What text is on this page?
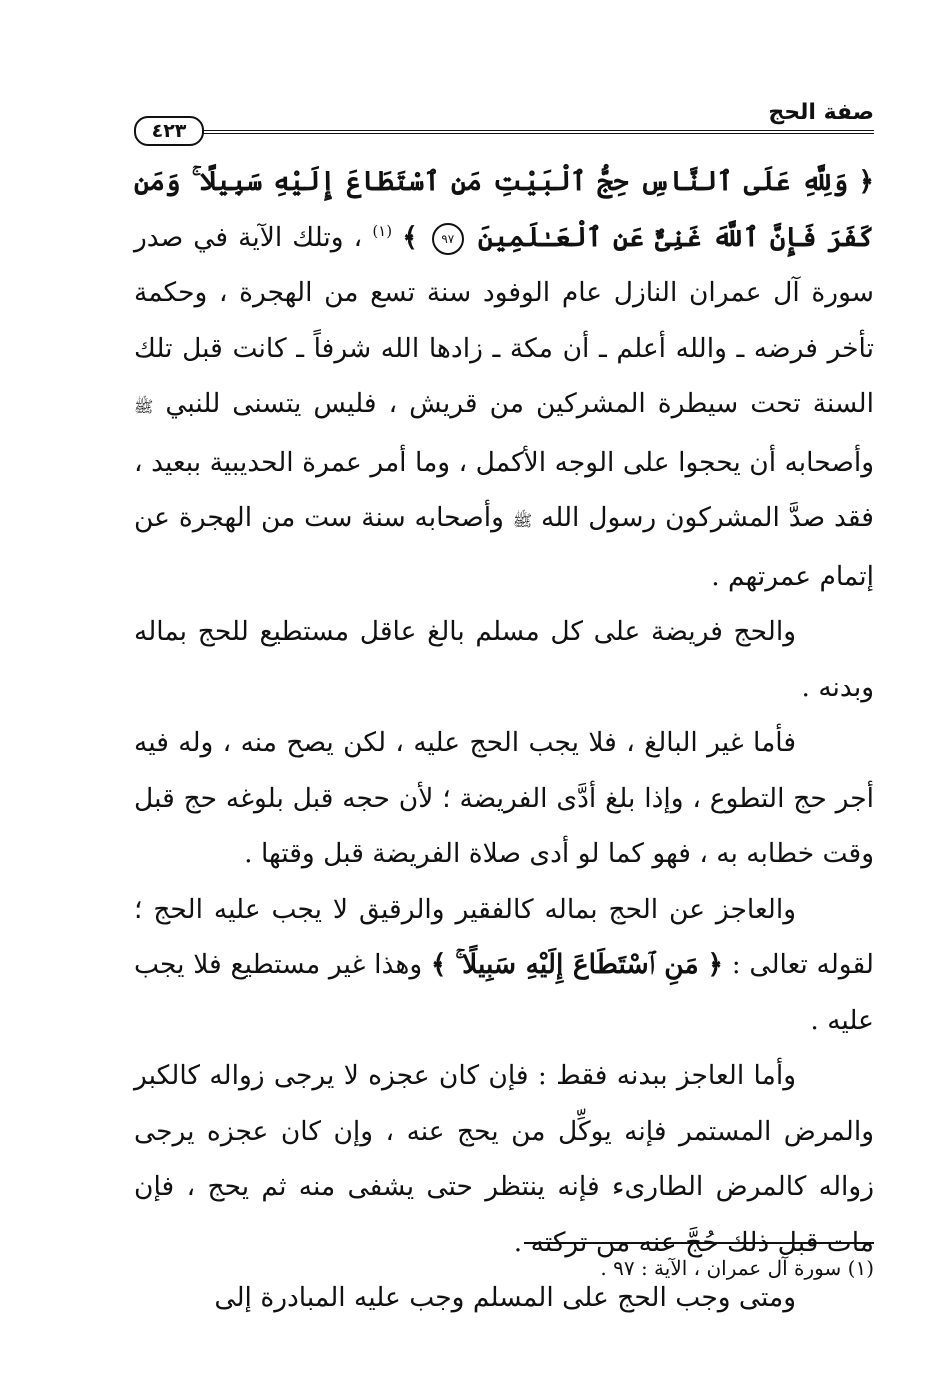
صفة الحج
٤٢٣

﴿ وَلِلَّهِ عَلَى ٱلنَّاسِ حِجُّ ٱلْبَيْتِ مَنِ ٱسْتَطَاعَ إِلَيْهِ سَبِيلًا ۚ وَمَن كَفَرَ فَإِنَّ ٱللَّهَ غَنِىٌّ عَنِ ٱلْعَـٰلَمِينَ ٩٧ ﴾ $^{(١)}$ ، وتلك الآية في صدر سورة آل عمران النازل عام الوفود سنة تسع من الهجرة ، وحكمة تأخر فرضه ـ والله أعلم ـ أن مكة ـ زادها الله شرفاً ـ كانت قبل تلك السنة تحت سيطرة المشركين من قريش ، فليس يتسنى للنبي ﷺ وأصحابه أن يحجوا على الوجه الأكمل ، وما أمر عمرة الحديبية ببعيد ، فقد صدَّ المشركون رسول الله ﷺ وأصحابه سنة ست من الهجرة عن إتمام عمرتهم .

والحج فريضة على كل مسلم بالغ عاقل مستطيع للحج بماله وبدنه .

فأما غير البالغ ، فلا يجب الحج عليه ، لكن يصح منه ، وله فيه أجر حج التطوع ، وإذا بلغ أدَّى الفريضة ؛ لأن حجه قبل بلوغه حج قبل وقت خطابه به ، فهو كما لو أدى صلاة الفريضة قبل وقتها .

والعاجز عن الحج بماله كالفقير والرقيق لا يجب عليه الحج ؛ لقوله تعالى : ﴿ مَنِ ٱسْتَطَاعَ إِلَيْهِ سَبِيلًا ۚ ﴾ وهذا غير مستطيع فلا يجب عليه .

وأما العاجز ببدنه فقط : فإن كان عجزه لا يرجى زواله كالكبر والمرض المستمر فإنه يوكِّل من يحج عنه ، وإن كان عجزه يرجى زواله كالمرض الطارىء فإنه ينتظر حتى يشفى منه ثم يحج ، فإن مات قبل ذلك حُجَّ عنه من تركته .

ومتى وجب الحج على المسلم وجب عليه المبادرة إلى

(١) سورة آل عمران ، الآية : ٩٧ .
